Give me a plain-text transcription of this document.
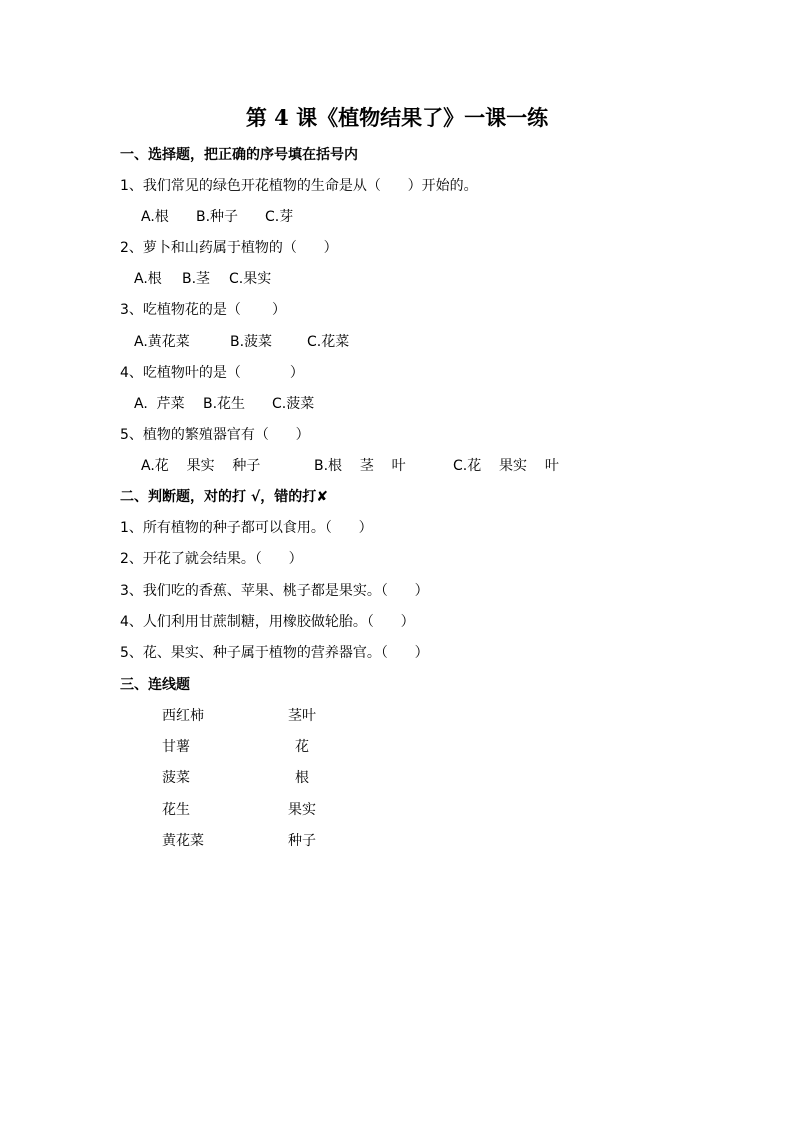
第 4 课《植物结果了》一课一练
一、选择题，把正确的序号填在括号内
1、我们常见的绿色开花植物的生命是从（      ）开始的。
A.根 B.种子 C.芽
2、萝卜和山药属于植物的（      ）
A.根 B.茎 C.果实
3、吃植物花的是（       ）
A.黄花菜	B.菠菜 C.花菜
4、吃植物叶的是（           ）
A.  芹菜 B.花生 C.菠菜
5、植物的繁殖器官有（      ）
A.花    果实    种子	B.根    茎    叶	C.花    果实    叶
二、判断题，对的打 √，错的打✘
1、所有植物的种子都可以食用。（      ）
2、开花了就会结果。（      ）
3、我们吃的香蕉、苹果、桃子都是果实。（      ）
4、人们利用甘蔗制糖，用橡胶做轮胎。（      ）
5、花、果实、种子属于植物的营养器官。（      ）
三、连线题
西红柿	茎叶
甘薯	花
菠菜	根
花生	果实
黄花菜	种子
